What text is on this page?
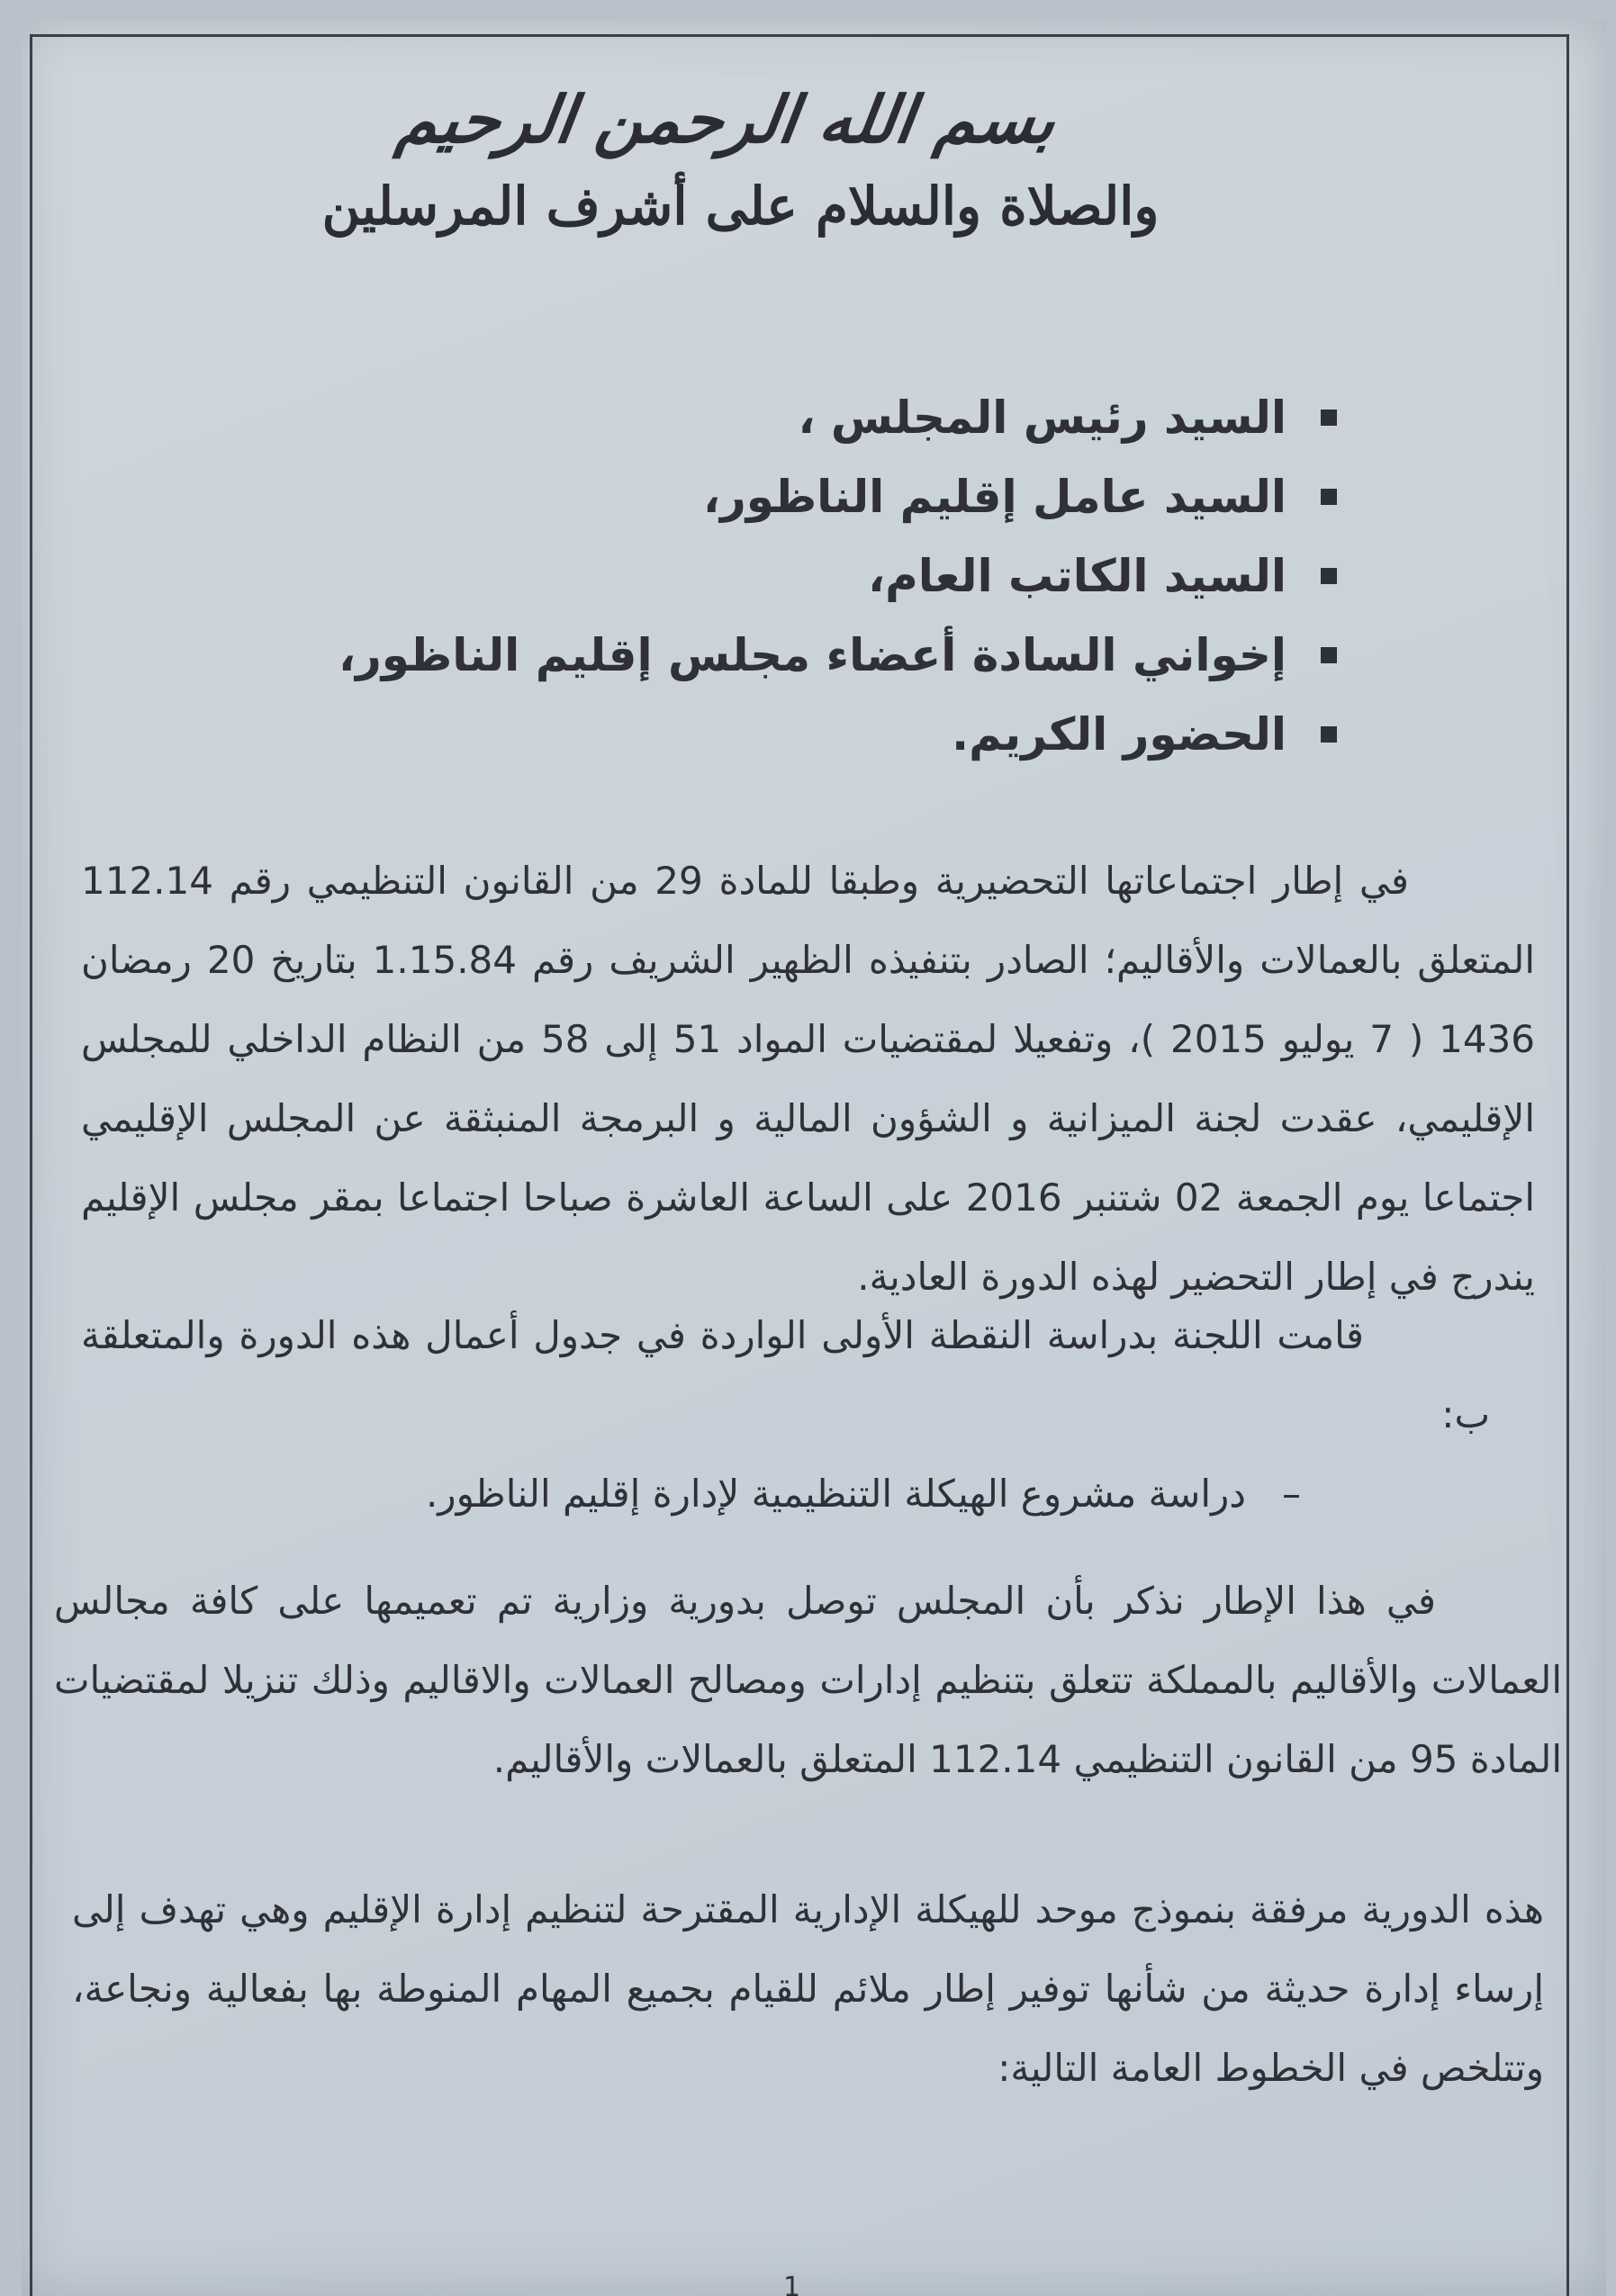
بسم الله الرحمن الرحيم
والصلاة والسلام على أشرف المرسلين
السيد رئيس المجلس ،
السيد عامل إقليم الناظور،
السيد الكاتب العام،
إخواني السادة أعضاء مجلس إقليم الناظور،
الحضور الكريم.
في إطار اجتماعاتها التحضيرية وطبقا للمادة 29 من القانون التنظيمي رقم 112.14 المتعلق بالعمالات والأقاليم؛ الصادر بتنفيذه الظهير الشريف رقم 1.15.84 بتاريخ 20 رمضان 1436 ( 7 يوليو 2015 )، وتفعيلا لمقتضيات المواد 51 إلى 58 من النظام الداخلي للمجلس الإقليمي، عقدت لجنة الميزانية و الشؤون المالية و البرمجة المنبثقة عن المجلس الإقليمي اجتماعا يوم الجمعة 02 شتنبر 2016 على الساعة العاشرة صباحا اجتماعا بمقر مجلس الإقليم يندرج في إطار التحضير لهذه الدورة العادية.
قامت اللجنة بدراسة النقطة الأولى الواردة في جدول أعمال هذه الدورة والمتعلقة ب:
–دراسة مشروع الهيكلة التنظيمية لإدارة إقليم الناظور.
في هذا الإطار نذكر بأن المجلس توصل بدورية وزارية تم تعميمها على كافة مجالس العمالات والأقاليم بالمملكة تتعلق بتنظيم إدارات ومصالح العمالات والاقاليم وذلك تنزيلا لمقتضيات المادة 95 من القانون التنظيمي 112.14 المتعلق بالعمالات والأقاليم.
هذه الدورية مرفقة بنموذج موحد للهيكلة الإدارية المقترحة لتنظيم إدارة الإقليم وهي تهدف إلى إرساء إدارة حديثة من شأنها توفير إطار ملائم للقيام بجميع المهام المنوطة بها بفعالية ونجاعة، وتتلخص في الخطوط العامة التالية:
1
